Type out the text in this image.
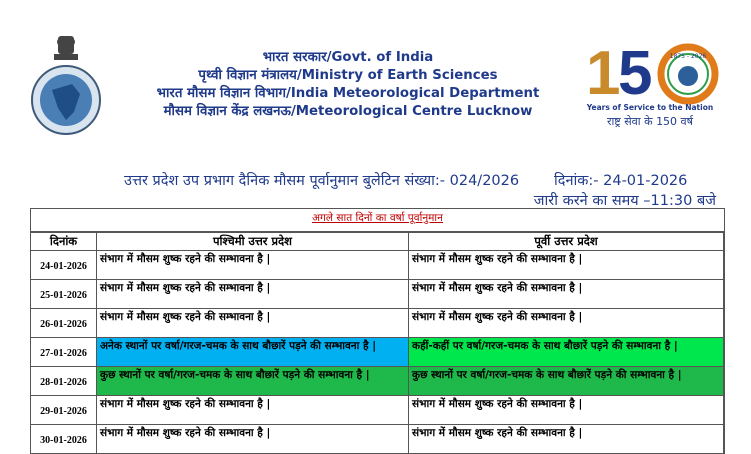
भारत सरकार/Govt. of India
पृथ्वी विज्ञान मंत्रालय/Ministry of Earth Sciences
भारत मौसम विज्ञान विभाग/India Meteorological Department
मौसम विज्ञान केंद्र लखनऊ/Meteorological Centre Lucknow
1
5	1875 - 2026
Years of Service to the Nation
राष्ट्र सेवा के 150 वर्ष
उत्तर प्रदेश उप प्रभाग दैनिक मौसम पूर्वानुमान बुलेटिन संख्या:- 024/2026 दिनांक:- 24-01-2026
जारी करने का समय –11:30 बजे
अगले सात दिनों का वर्षा पूर्वानुमान
दिनांक	पश्चिमी उत्तर प्रदेश	पूर्वी उत्तर प्रदेश
24-01-2026	संभाग में मौसम शुष्क रहने की सम्भावना है |	संभाग में मौसम शुष्क रहने की सम्भावना है |
25-01-2026	संभाग में मौसम शुष्क रहने की सम्भावना है |	संभाग में मौसम शुष्क रहने की सम्भावना है |
26-01-2026	संभाग में मौसम शुष्क रहने की सम्भावना है |	संभाग में मौसम शुष्क रहने की सम्भावना है |
27-01-2026	अनेक स्थानों पर वर्षा/गरज-चमक के साथ बौछारें पड़ने की सम्भावना है |	कहीं-कहीं पर वर्षा/गरज-चमक के साथ बौछारें पड़ने की सम्भावना है |
28-01-2026	कुछ स्थानों पर वर्षा/गरज-चमक के साथ बौछारें पड़ने की सम्भावना है |	कुछ स्थानों पर वर्षा/गरज-चमक के साथ बौछारें पड़ने की सम्भावना है |
29-01-2026	संभाग में मौसम शुष्क रहने की सम्भावना है |	संभाग में मौसम शुष्क रहने की सम्भावना है |
30-01-2026	संभाग में मौसम शुष्क रहने की सम्भावना है |	संभाग में मौसम शुष्क रहने की सम्भावना है |
